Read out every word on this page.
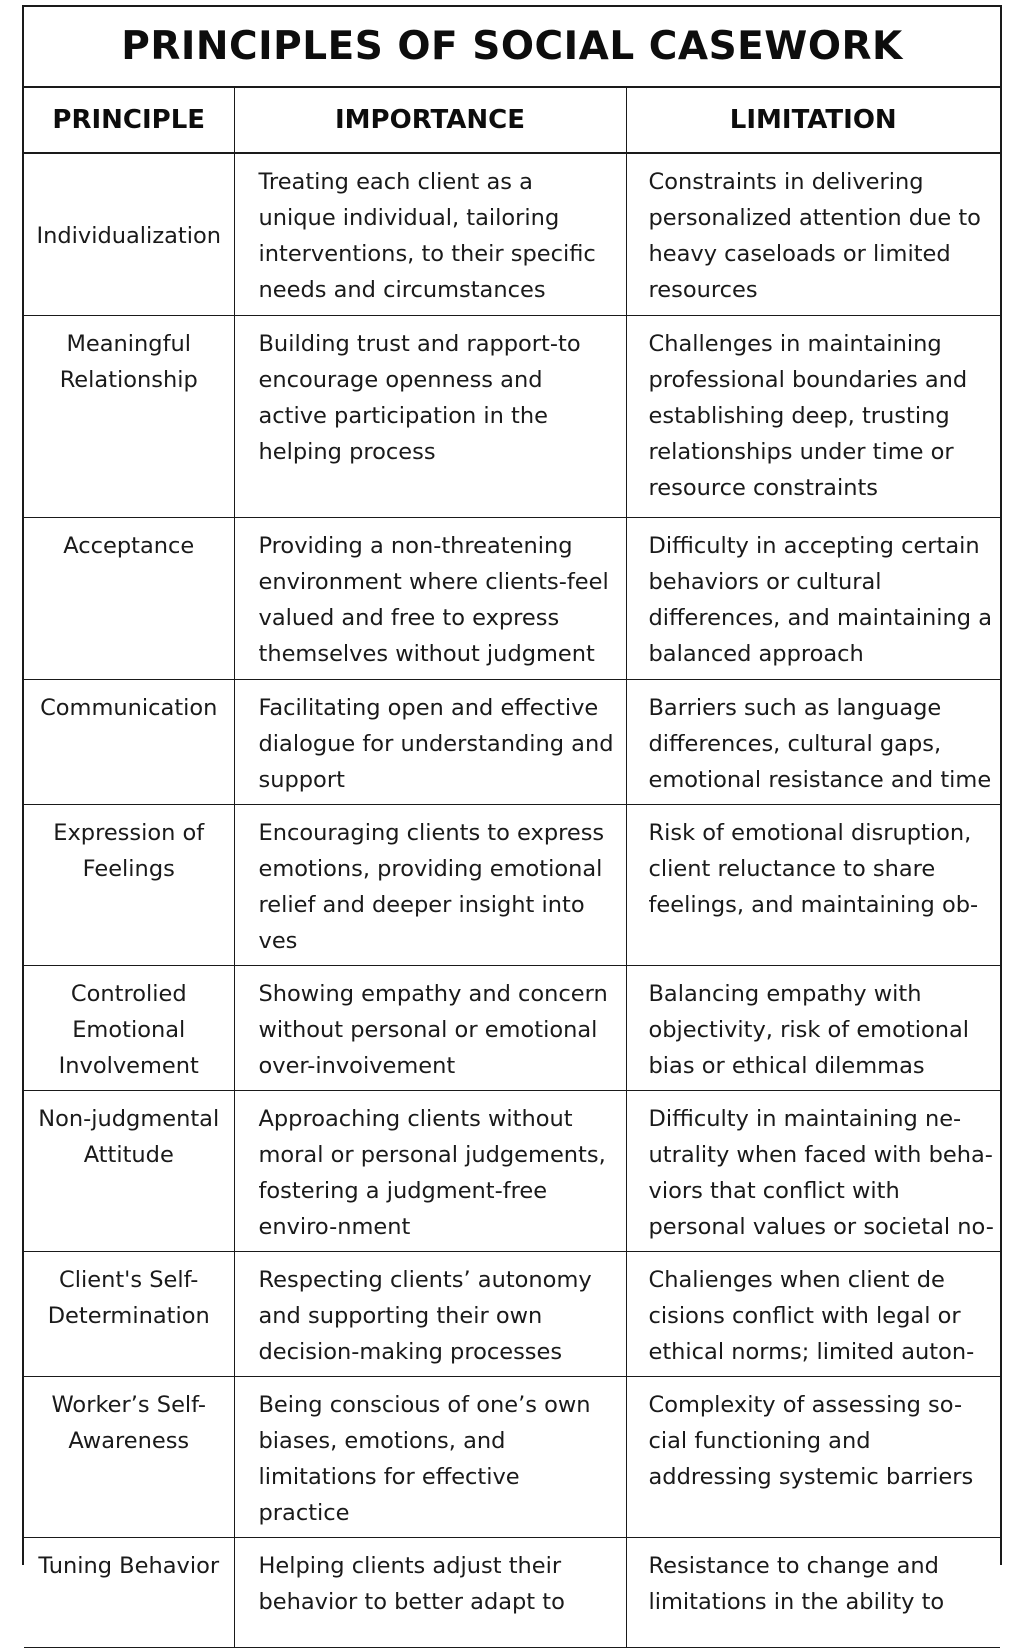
PRINCIPLES OF SOCIAL CASEWORK
PRINCIPLE	IMPORTANCE	LIMITATION
Individualization	Treating each client as a unique individual, tailoring interventions, to their specific needs and circumstances	Constraints in delivering personalized attention due to heavy caseloads or limited resources
Meaningful Relationship	Building trust and rapport-to encourage openness and active participation in the helping process	Challenges in maintaining professional boundaries and establishing deep, trusting relationships under time or resource constraints
Acceptance	Providing a non-threatening environment where clients-feel valued and free to express themselves without judgment	Difficulty in accepting certain behaviors or cultural differences, and maintaining a balanced approach
Communication	Facilitating open and effective dialogue for understanding and support	Barriers such as language differences, cultural gaps, emotional resistance and time
Expression of Feelings	Encouraging clients to express emotions, providing emotional relief and deeper insight into ves	Risk of emotional disruption, client reluctance to share feelings, and maintaining ob-
Controlied Emotional Involvement	Showing empathy and concern without personal or emotional over-invoivement	Balancing empathy with objectivity, risk of emotional bias or ethical dilemmas
Non-judgmental Attitude	Approaching clients without moral or personal judgements, fostering a judgment-free enviro-nment	Difficulty in maintaining ne-utrality when faced with beha-viors that conflict with personal values or societal no-
Client's Self-Determination	Respecting clients’ autonomy and supporting their own decision-making processes	Chalienges when client de cisions conflict with legal or ethical norms; limited auton-
Worker’s Self-Awareness	Being conscious of one’s own biases, emotions, and limitations for effective practice	Complexity of assessing so-cial functioning and addressing systemic barriers
Tuning Behavior	Helping clients adjust their behavior to better adapt to	Resistance to change and limitations in the ability to
